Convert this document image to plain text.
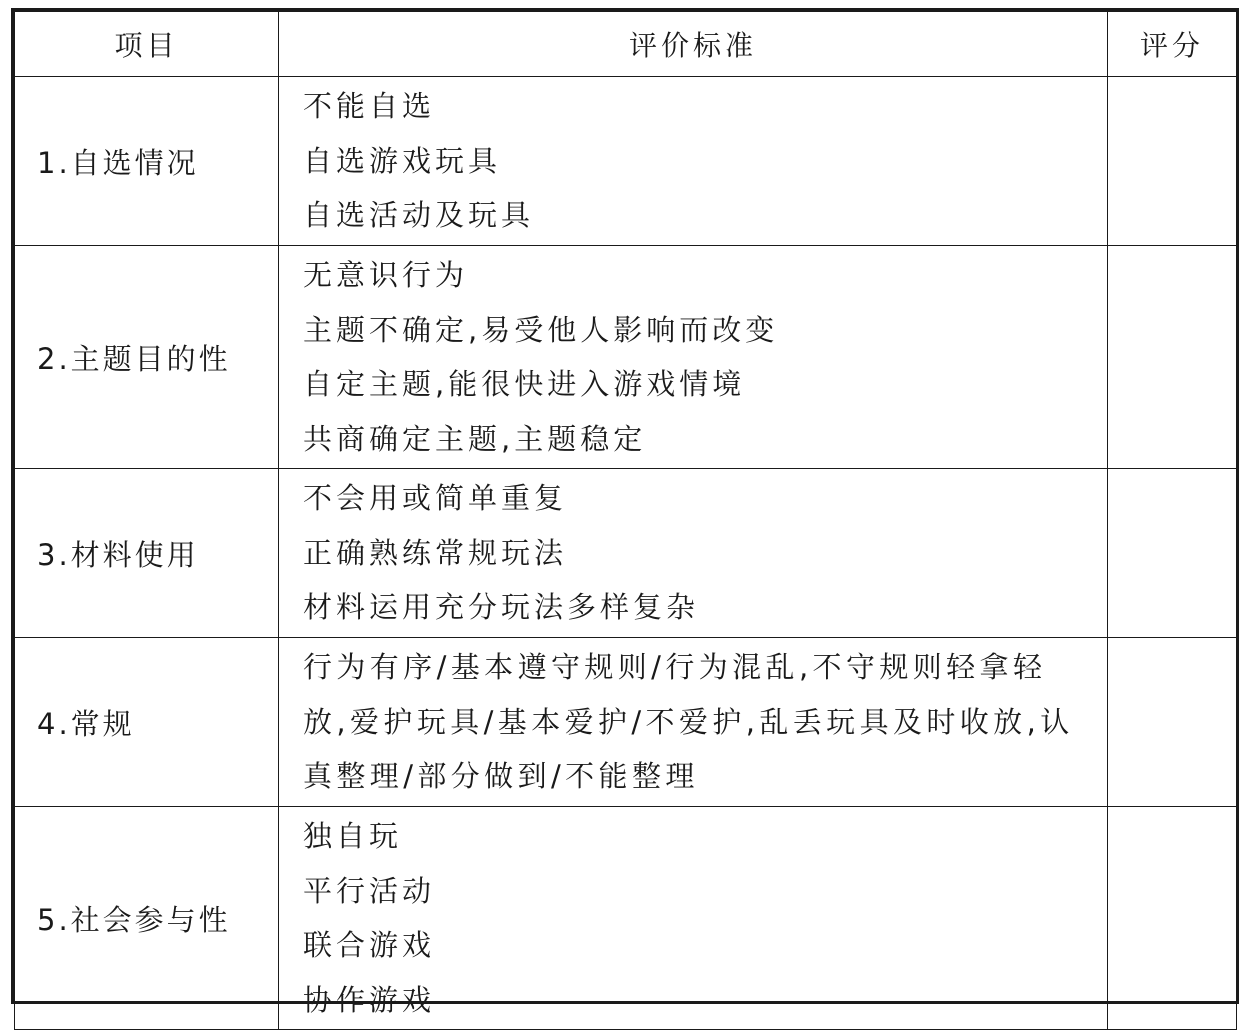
项目	评价标准	评分
1.自选情况	不能自选
自选游戏玩具
自选活动及玩具	

2.主题目的性	无意识行为
主题不确定,易受他人影响而改变
自定主题,能很快进入游戏情境
共商确定主题,主题稳定	

3.材料使用	不会用或简单重复
正确熟练常规玩法
材料运用充分玩法多样复杂	

4.常规	行为有序/基本遵守规则/行为混乱,不守规则轻拿轻放,爱护玩具/基本爱护/不爱护,乱丢玩具及时收放,认真整理/部分做到/不能整理	

5.社会参与性	独自玩
平行活动
联合游戏
协作游戏	
